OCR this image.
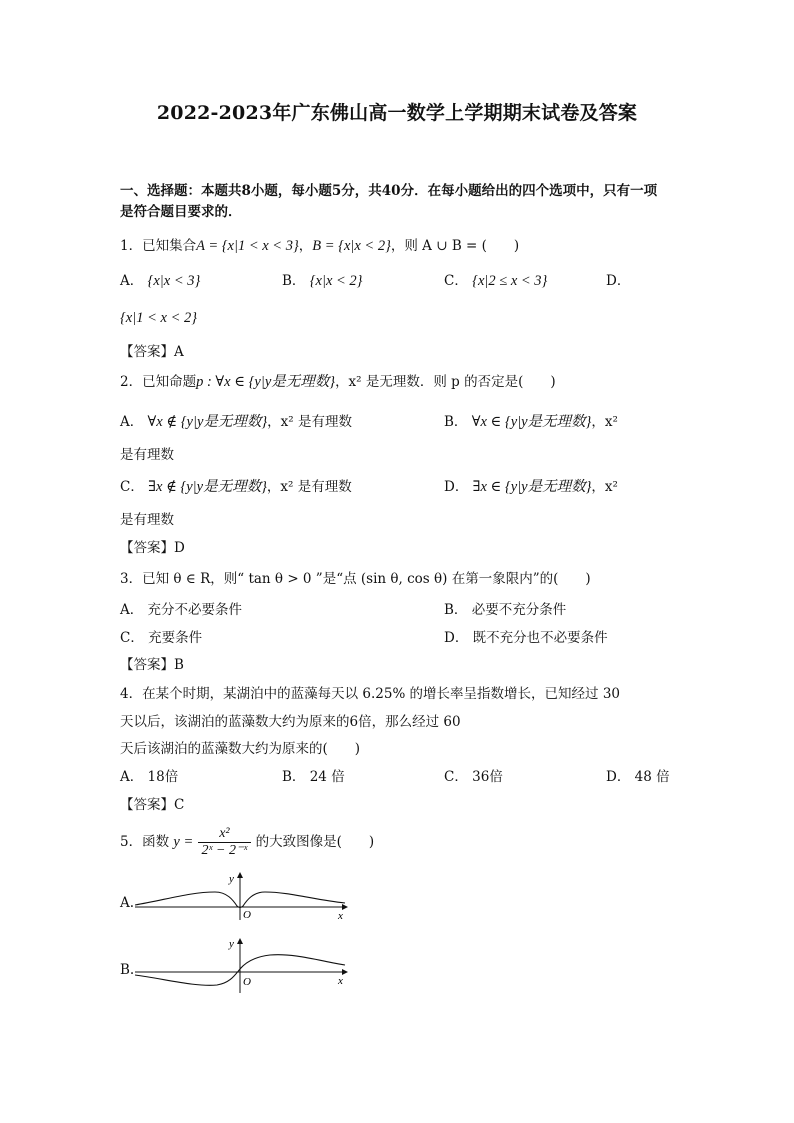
2022-2023年广东佛山高一数学上学期期末试卷及答案
一、选择题：本题共8小题，每小题5分，共40分．在每小题给出的四个选项中，只有一项
是符合题目要求的．
1．已知集合A = {x|1 < x < 3}，B = {x|x < 2}，则 A ∪ B = (　　)
A． {x|x < 3}	B． {x|x < 2}	C． {x|2 ≤ x < 3}	D．
{x|1 < x < 2}
【答案】A
2．已知命题p : ∀x ∈ {y|y是无理数}，x² 是无理数．则 p 的否定是(　　)
A． ∀x ∉ {y|y是无理数}，x² 是有理数	B． ∀x ∈ {y|y是无理数}，x²
是有理数
C． ∃x ∉ {y|y是无理数}，x² 是有理数	D． ∃x ∈ {y|y是无理数}，x²
是有理数
【答案】D
3．已知 θ ∈ R，则“ tan θ > 0 ”是“点 (sin θ, cos θ) 在第一象限内”的(　　)
A． 充分不必要条件	B． 必要不充分条件
C． 充要条件	D． 既不充分也不必要条件
【答案】B
4．在某个时期，某湖泊中的蓝藻每天以 6.25% 的增长率呈指数增长，已知经过 30
天以后，该湖泊的蓝藻数大约为原来的6倍，那么经过 60
天后该湖泊的蓝藻数大约为原来的(　　)
A． 18倍	B． 24 倍	C． 36倍	D． 48 倍
【答案】C
5．函数 $y = \frac{\text{x²}}{\text{2ˣ − 2⁻ˣ}}$ 的大致图像是(　　)
A.
y
O	x
B.
y
O	x
